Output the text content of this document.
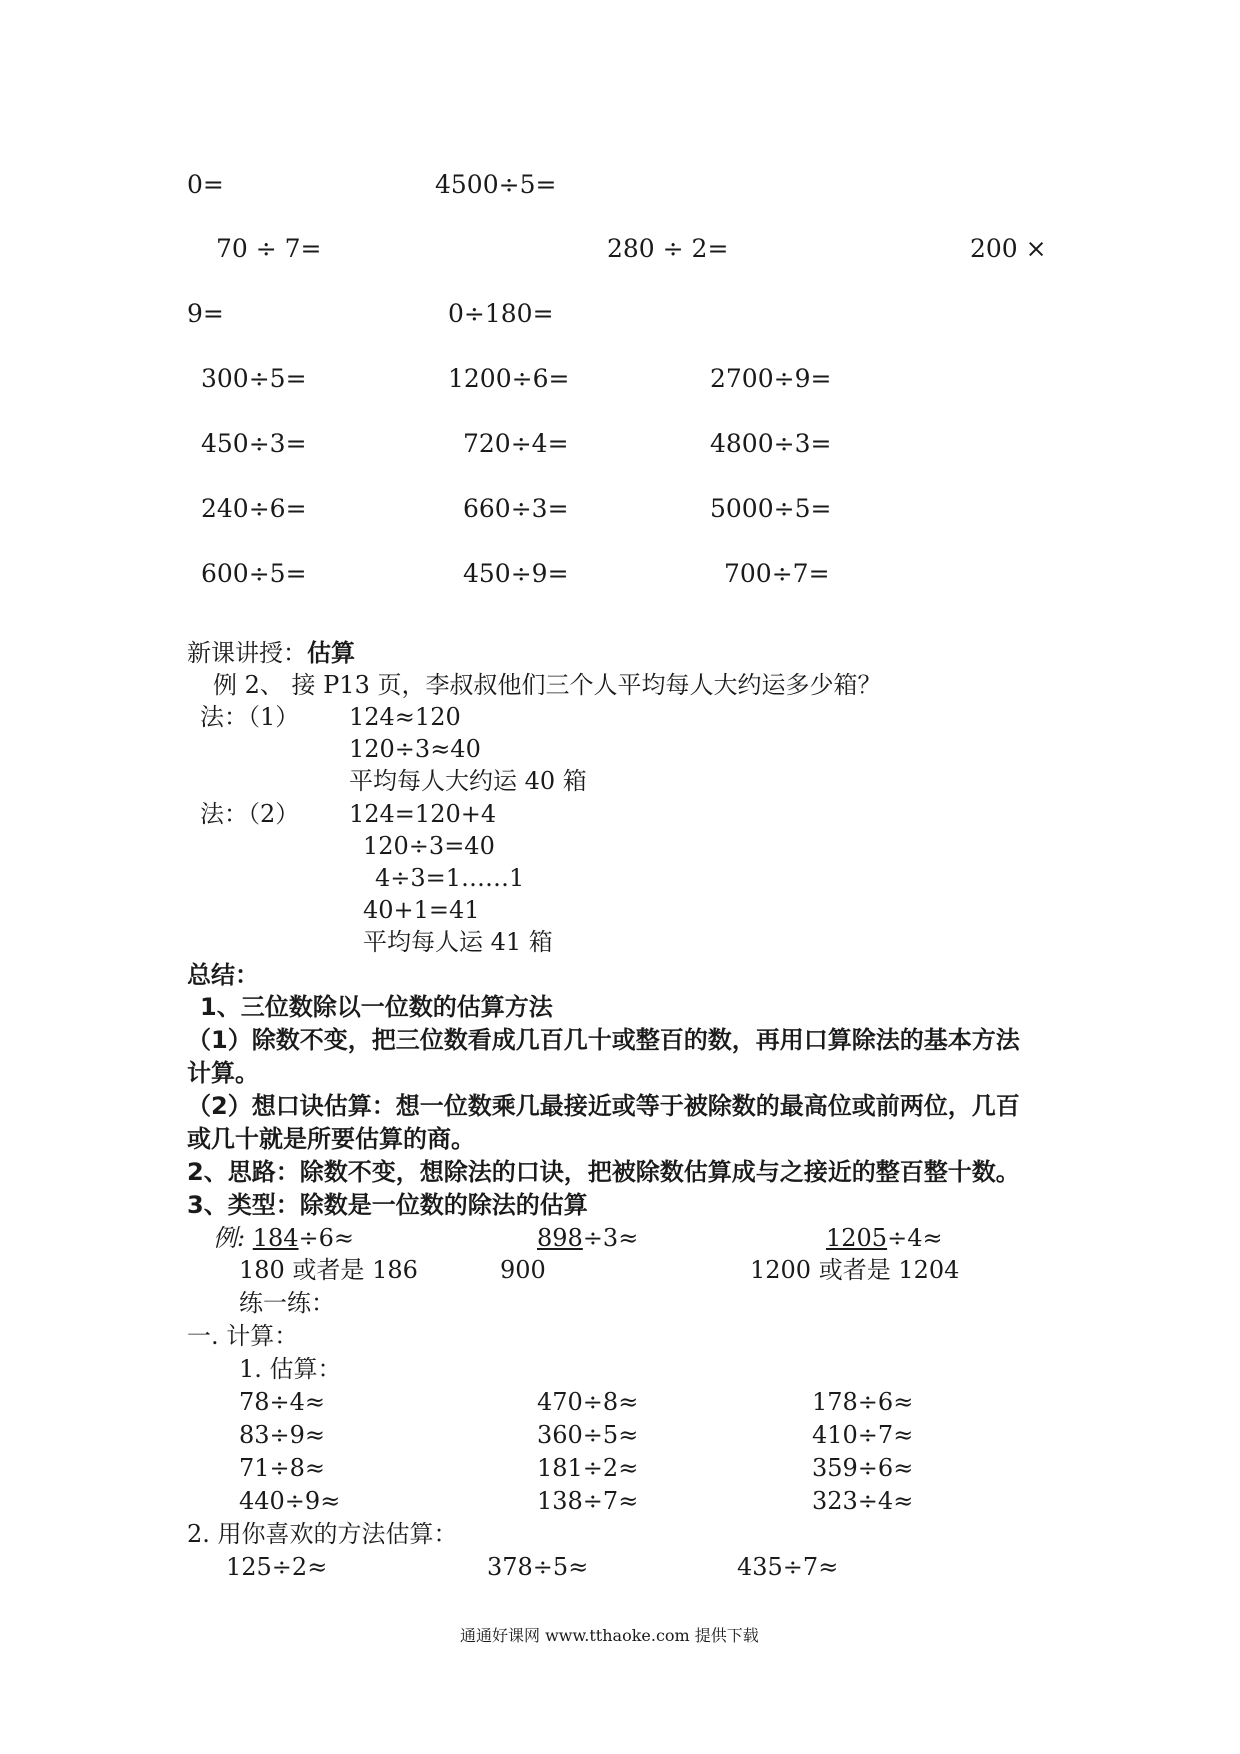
0=	4500÷5=
70 ÷ 7=	280 ÷ 2=	200 ×
9=	0÷180=
300÷5=	1200÷6=	2700÷9=
450÷3=	720÷4=	4800÷3=
240÷6=	660÷3=	5000÷5=
600÷5=	450÷9=	700÷7=
新课讲授：估算
例 2、 接 P13 页，李叔叔他们三个人平均每人大约运多少箱？
法：（1） 124≈120
120÷3≈40
平均每人大约运 40 箱
法：（2） 124=120+4
120÷3=40
4÷3=1……1
40+1=41
平均每人运 41 箱
总结：
1、三位数除以一位数的估算方法
（1）除数不变，把三位数看成几百几十或整百的数，再用口算除法的基本方法
计算。
（2）想口诀估算：想一位数乘几最接近或等于被除数的最高位或前两位，几百
或几十就是所要估算的商。
2、思路：除数不变，想除法的口诀，把被除数估算成与之接近的整百整十数。
3、类型：除数是一位数的除法的估算
例: 184÷6≈	898÷3≈	1205÷4≈
180 或者是 186	900	1200 或者是 1204
练一练：
一. 计算：
1. 估算：
78÷4≈	470÷8≈	178÷6≈
83÷9≈	360÷5≈	410÷7≈
71÷8≈	181÷2≈	359÷6≈
440÷9≈	138÷7≈	323÷4≈
2. 用你喜欢的方法估算：
125÷2≈	378÷5≈	435÷7≈
通通好课网 www.tthaoke.com 提供下载
